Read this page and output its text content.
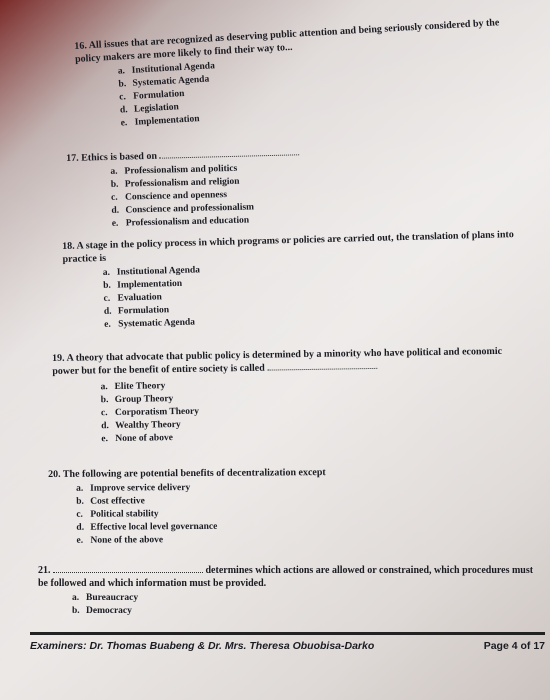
16. All issues that are recognized as deserving public attention and being seriously considered by the policy makers are more likely to find their way to...
a. Institutional Agenda
b. Systematic Agenda
c. Formulation
d. Legislation
e. Implementation
17. Ethics is based on
a. Professionalism and politics
b. Professionalism and religion
c. Conscience and openness
d. Conscience and professionalism
e. Professionalism and education
18. A stage in the policy process in which programs or policies are carried out, the translation of plans into practice is
a. Institutional Agenda
b. Implementation
c. Evaluation
d. Formulation
e. Systematic Agenda
19. A theory that advocate that public policy is determined by a minority who have political and economic power but for the benefit of entire society is called
a. Elite Theory
b. Group Theory
c. Corporatism Theory
d. Wealthy Theory
e. None of above
20. The following are potential benefits of decentralization except
a. Improve service delivery
b. Cost effective
c. Political stability
d. Effective local level governance
e. None of the above
21.	determines which actions are allowed or constrained, which procedures must be followed and which information must be provided.
a. Bureaucracy
b. Democracy
Examiners: Dr. Thomas Buabeng & Dr. Mrs. Theresa Obuobisa-Darko	Page 4 of 17
